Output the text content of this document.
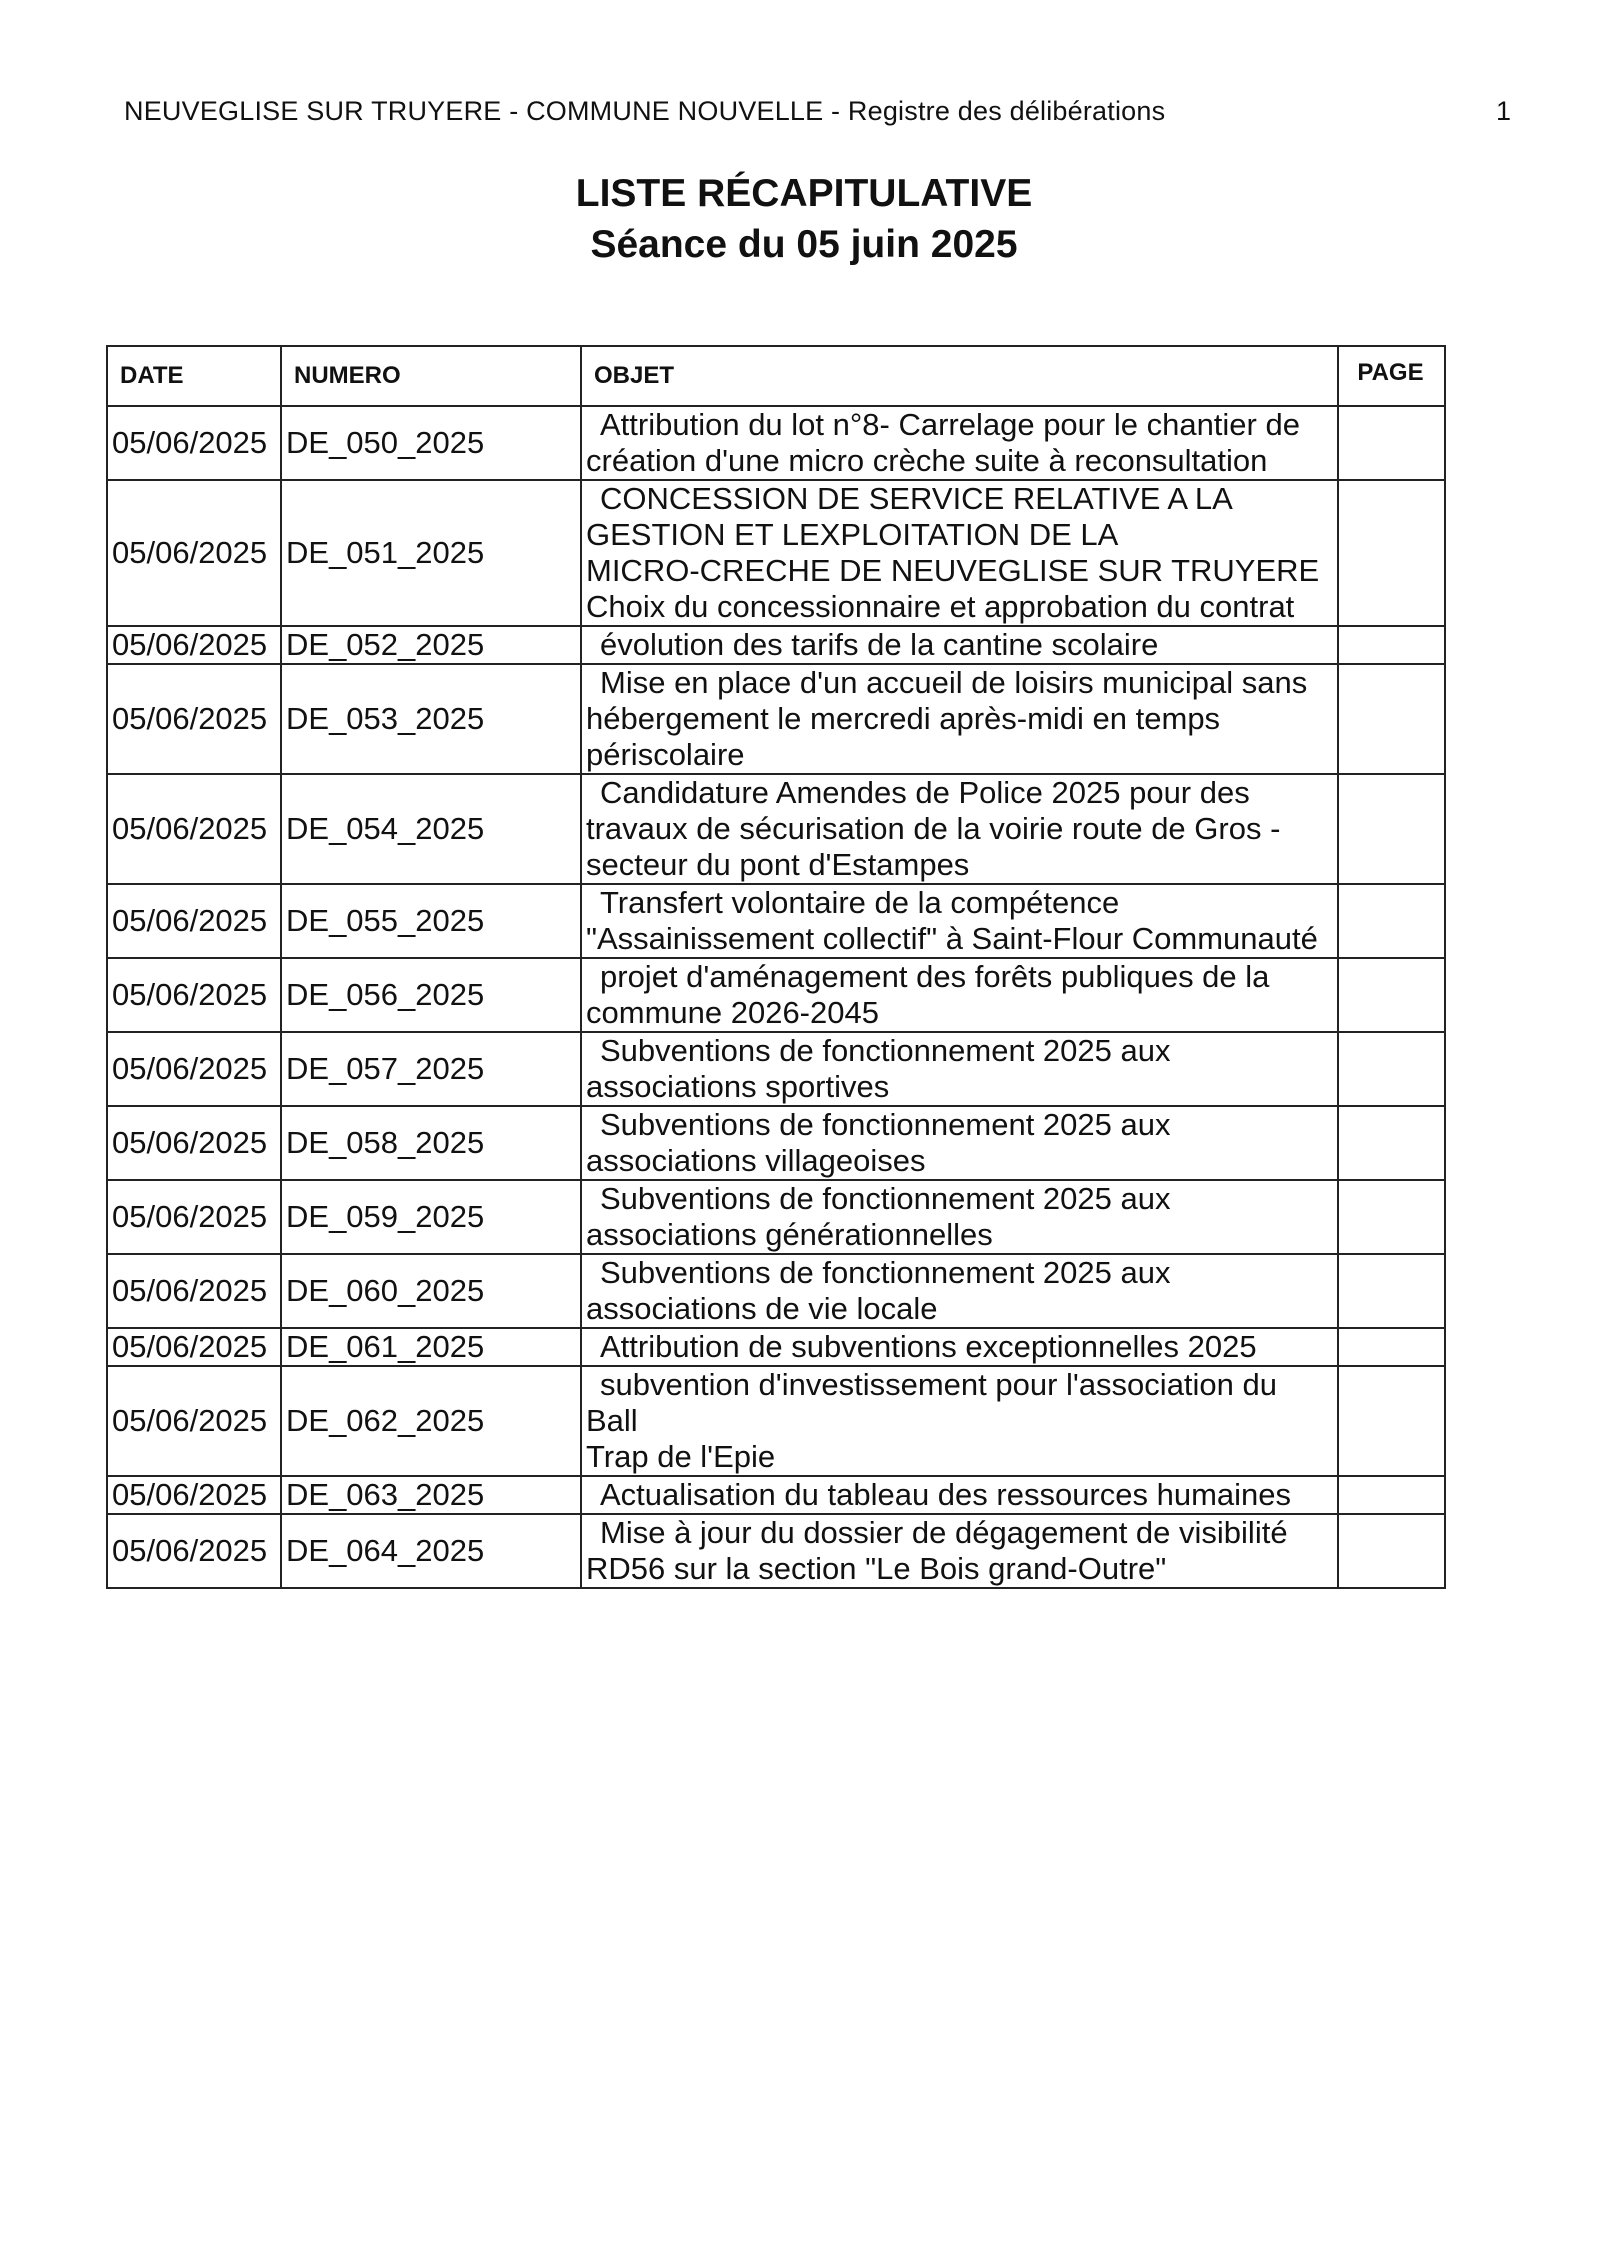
NEUVEGLISE SUR TRUYERE - COMMUNE NOUVELLE - Registre des délibérations	1
LISTE RÉCAPITULATIVE
Séance du 05 juin 2025
DATE	NUMERO	OBJET	PAGE
05/06/2025	DE_050_2025	Attribution du lot n°8- Carrelage pour le chantier de
création d'une micro crèche suite à reconsultation	
05/06/2025	DE_051_2025	CONCESSION DE SERVICE RELATIVE A LA
GESTION ET LEXPLOITATION DE LA
MICRO-CRECHE DE NEUVEGLISE SUR TRUYERE
Choix du concessionnaire et approbation du contrat	
05/06/2025	DE_052_2025	évolution des tarifs de la cantine scolaire	
05/06/2025	DE_053_2025	Mise en place d'un accueil de loisirs municipal sans
hébergement le mercredi après-midi en temps
périscolaire	
05/06/2025	DE_054_2025	Candidature Amendes de Police 2025 pour des
travaux de sécurisation de la voirie route de Gros -
secteur du pont d'Estampes	
05/06/2025	DE_055_2025	Transfert volontaire de la compétence
"Assainissement collectif" à Saint-Flour Communauté	
05/06/2025	DE_056_2025	projet d'aménagement des forêts publiques de la
commune 2026-2045	
05/06/2025	DE_057_2025	Subventions de fonctionnement 2025 aux
associations sportives	
05/06/2025	DE_058_2025	Subventions de fonctionnement 2025 aux
associations villageoises	
05/06/2025	DE_059_2025	Subventions de fonctionnement 2025 aux
associations générationnelles	
05/06/2025	DE_060_2025	Subventions de fonctionnement 2025 aux
associations de vie locale	
05/06/2025	DE_061_2025	Attribution de subventions exceptionnelles 2025	
05/06/2025	DE_062_2025	subvention d'investissement pour l'association du Ball
Trap de l'Epie	
05/06/2025	DE_063_2025	Actualisation du tableau des ressources humaines	
05/06/2025	DE_064_2025	Mise à jour du dossier de dégagement de visibilité
RD56 sur la section "Le Bois grand-Outre"	
